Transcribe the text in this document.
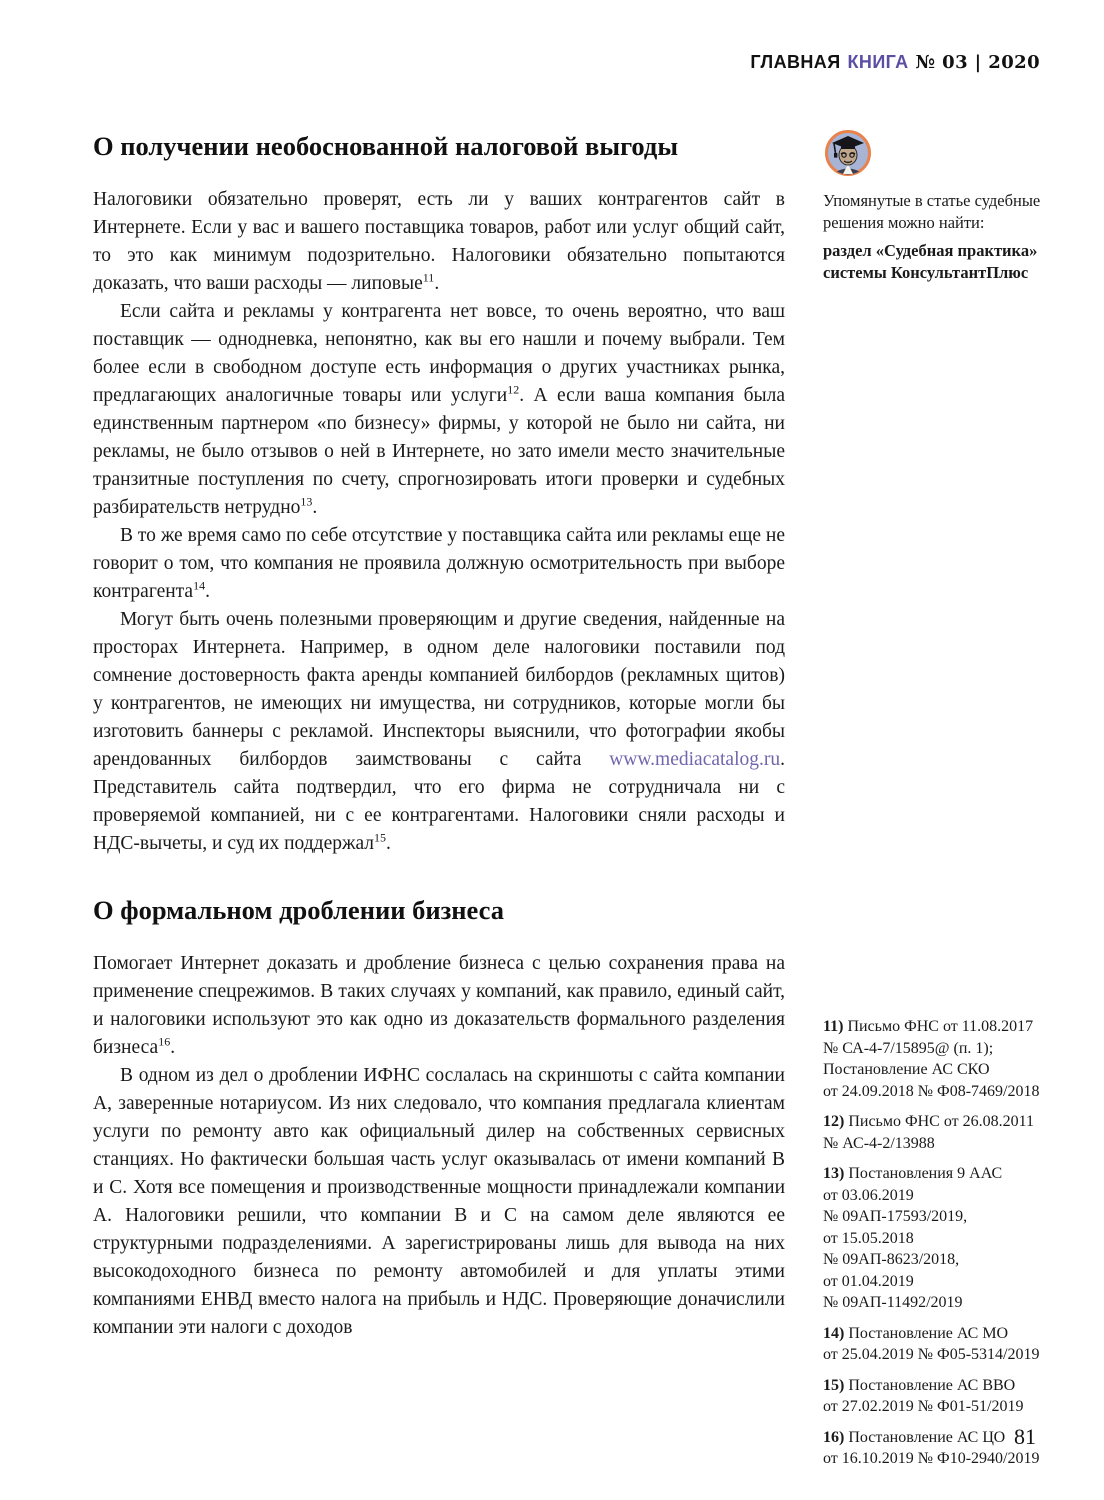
ГЛАВНАЯ КНИГА № 03 | 2020
О получении необоснованной налоговой выгоды

Налоговики обязательно проверят, есть ли у ваших контрагентов сайт в Интернете. Если у вас и вашего поставщика товаров, работ или услуг общий сайт, то это как минимум подозрительно. Налоговики обязательно попытаются доказать, что ваши расходы — липовые$^{11}$.

Если сайта и рекламы у контрагента нет вовсе, то очень вероятно, что ваш поставщик — однодневка, непонятно, как вы его нашли и почему выбрали. Тем более если в свободном доступе есть информация о других участниках рынка, предлагающих аналогичные товары или услуги$^{12}$. А если ваша компания была единственным партнером «по бизнесу» фирмы, у которой не было ни сайта, ни рекламы, не было отзывов о ней в Интернете, но зато имели место значительные транзитные поступления по счету, спрогнозировать итоги проверки и судебных разбирательств нетрудно$^{13}$.

В то же время само по себе отсутствие у поставщика сайта или рекламы еще не говорит о том, что компания не проявила должную осмотрительность при выборе контрагента$^{14}$.

Могут быть очень полезными проверяющим и другие сведения, найденные на просторах Интернета. Например, в одном деле налоговики поставили под сомнение достоверность факта аренды компанией билбордов (рекламных щитов) у контрагентов, не имеющих ни имущества, ни сотрудников, которые могли бы изготовить баннеры с рекламой. Инспекторы выяснили, что фотографии якобы арендованных билбордов заимствованы с сайта www.mediacatalog.ru. Представитель сайта подтвердил, что его фирма не сотрудничала ни с проверяемой компанией, ни с ее контрагентами. Налоговики сняли расходы и НДС-вычеты, и суд их поддержал$^{15}$.

О формальном дроблении бизнеса

Помогает Интернет доказать и дробление бизнеса с целью сохранения права на применение спецрежимов. В таких случаях у компаний, как правило, единый сайт, и налоговики используют это как одно из доказательств формального разделения бизнеса$^{16}$.

В одном из дел о дроблении ИФНС сослалась на скриншоты с сайта компании А, заверенные нотариусом. Из них следовало, что компания предлагала клиентам услуги по ремонту авто как официальный дилер на собственных сервисных станциях. Но фактически большая часть услуг оказывалась от имени компаний В и С. Хотя все помещения и производственные мощности принадлежали компании А. Налоговики решили, что компании В и С на самом деле являются ее структурными подразделениями. А зарегистрированы лишь для вывода на них высокодоходного бизнеса по ремонту автомобилей и для уплаты этими компаниями ЕНВД вместо налога на прибыль и НДС. Проверяющие доначислили компании эти налоги с доходов

Упомянутые в статье судебные решения можно найти:

раздел «Судебная практика» системы КонсультантПлюс

11) Письмо ФНС от 11.08.2017
№ СА-4-7/15895@ (п. 1);
Постановление АС СКО
от 24.09.2018 № Ф08-7469/2018
12) Письмо ФНС от 26.08.2011
№ АС-4-2/13988
13) Постановления 9 ААС
от 03.06.2019
№ 09АП-17593/2019,
от 15.05.2018
№ 09АП-8623/2018,
от 01.04.2019
№ 09АП-11492/2019
14) Постановление АС МО
от 25.04.2019 № Ф05-5314/2019
15) Постановление АС ВВО
от 27.02.2019 № Ф01-51/2019
16) Постановление АС ЦО
от 16.10.2019 № Ф10-2940/2019
81
